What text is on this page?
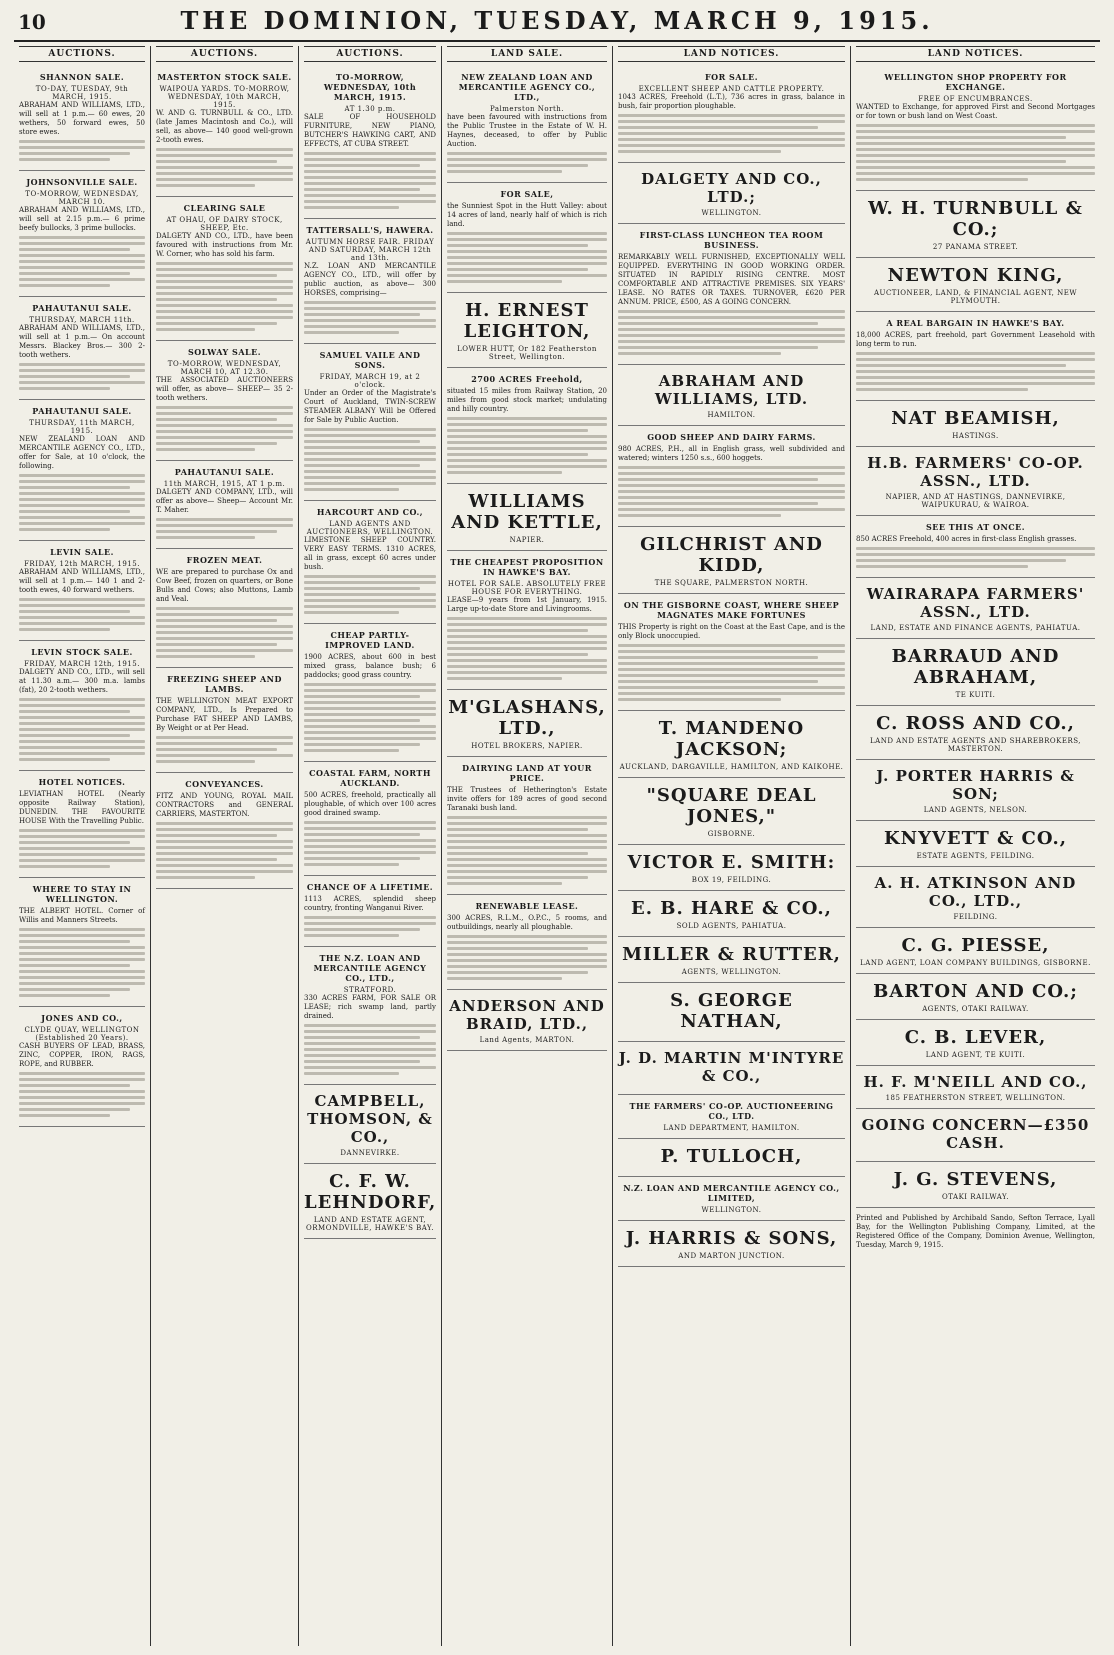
10	THE DOMINION, TUESDAY, MARCH 9, 1915.
AUCTIONS.
SHANNON SALE.
TO-DAY, TUESDAY, 9th MARCH, 1915.
ABRAHAM AND WILLIAMS, LTD., will sell at 1 p.m.— 60 ewes, 20 wethers, 50 forward ewes, 50 store ewes.
JOHNSONVILLE SALE.
TO-MORROW, WEDNESDAY, MARCH 10.
ABRAHAM AND WILLIAMS, LTD., will sell at 2.15 p.m.— 6 prime beefy bullocks, 3 prime bullocks.
PAHAUTANUI SALE.
THURSDAY, MARCH 11th.
ABRAHAM AND WILLIAMS, LTD., will sell at 1 p.m.— On account Messrs. Blackey Bros.— 300 2-tooth wethers.
PAHAUTANUI SALE.
THURSDAY, 11th MARCH, 1915.
NEW ZEALAND LOAN AND MERCANTILE AGENCY CO., LTD., offer for Sale, at 10 o'clock, the following.
LEVIN SALE.
FRIDAY, 12th MARCH, 1915.
ABRAHAM AND WILLIAMS, LTD., will sell at 1 p.m.— 140 1 and 2-tooth ewes, 40 forward wethers.
LEVIN STOCK SALE.
FRIDAY, MARCH 12th, 1915.
DALGETY AND CO., LTD., will sell at 11.30 a.m.— 300 m.a. lambs (fat), 20 2-tooth wethers.
HOTEL NOTICES.
LEVIATHAN HOTEL (Nearly opposite Railway Station), DUNEDIN. THE FAVOURITE HOUSE With the Travelling Public.
WHERE TO STAY IN WELLINGTON.
THE ALBERT HOTEL. Corner of Willis and Manners Streets.
JONES AND CO.,
CLYDE QUAY, WELLINGTON (Established 20 Years).
CASH BUYERS OF LEAD, BRASS, ZINC, COPPER, IRON, RAGS, ROPE, and RUBBER.
AUCTIONS.
MASTERTON STOCK SALE.
WAIPOUA YARDS. TO-MORROW, WEDNESDAY, 10th MARCH, 1915.
W. AND G. TURNBULL & CO., LTD. (late James Macintosh and Co.), will sell, as above— 140 good well-grown 2-tooth ewes.
CLEARING SALE
AT OHAU, OF DAIRY STOCK, SHEEP, Etc.
DALGETY AND CO., LTD., have been favoured with instructions from Mr. W. Corner, who has sold his farm.
SOLWAY SALE.
TO-MORROW, WEDNESDAY, MARCH 10, AT 12.30.
THE ASSOCIATED AUCTIONEERS will offer, as above— SHEEP— 35 2-tooth wethers.
PAHAUTANUI SALE.
11th MARCH, 1915, AT 1 p.m.
DALGETY AND COMPANY, LTD., will offer as above— Sheep— Account Mr. T. Maher.
FROZEN MEAT.
WE are prepared to purchase Ox and Cow Beef, frozen on quarters, or Bone Bulls and Cows; also Muttons, Lamb and Veal.
FREEZING SHEEP AND LAMBS.
THE WELLINGTON MEAT EXPORT COMPANY, LTD., Is Prepared to Purchase FAT SHEEP AND LAMBS, By Weight or at Per Head.
CONVEYANCES.
FITZ AND YOUNG, ROYAL MAIL CONTRACTORS and GENERAL CARRIERS, MASTERTON.
AUCTIONS.
TO-MORROW, WEDNESDAY, 10th MARCH, 1915.
AT 1.30 p.m.
SALE OF HOUSEHOLD FURNITURE, NEW PIANO, BUTCHER'S HAWKING CART, AND EFFECTS, AT CUBA STREET.
TATTERSALL'S, HAWERA.
AUTUMN HORSE FAIR. FRIDAY AND SATURDAY, MARCH 12th and 13th.
N.Z. LOAN AND MERCANTILE AGENCY CO., LTD., will offer by public auction, as above— 300 HORSES, comprising—
SAMUEL VAILE AND SONS.
FRIDAY, MARCH 19, at 2 o'clock.
Under an Order of the Magistrate's Court of Auckland, TWIN-SCREW STEAMER ALBANY Will be Offered for Sale by Public Auction.
HARCOURT AND CO.,
LAND AGENTS AND AUCTIONEERS, WELLINGTON.
LIMESTONE SHEEP COUNTRY. VERY EASY TERMS. 1310 ACRES, all in grass, except 60 acres under bush.
CHEAP PARTLY-IMPROVED LAND.
1900 ACRES, about 600 in best mixed grass, balance bush; 6 paddocks; good grass country.
COASTAL FARM, NORTH AUCKLAND.
500 ACRES, freehold, practically all ploughable, of which over 100 acres good drained swamp.
CHANCE OF A LIFETIME.
1113 ACRES, splendid sheep country, fronting Wanganui River.
THE N.Z. LOAN AND MERCANTILE AGENCY CO., LTD.,
STRATFORD.
330 ACRES FARM, FOR SALE OR LEASE; rich swamp land, partly drained.
CAMPBELL, THOMSON, & CO.,
DANNEVIRKE.
C. F. W. LEHNDORF,
LAND AND ESTATE AGENT, ORMONDVILLE, HAWKE'S BAY.
LAND SALE.
NEW ZEALAND LOAN AND MERCANTILE AGENCY CO., LTD.,
Palmerston North.
have been favoured with instructions from the Public Trustee in the Estate of W. H. Haynes, deceased, to offer by Public Auction.
FOR SALE,
the Sunniest Spot in the Hutt Valley: about 14 acres of land, nearly half of which is rich land.
H. ERNEST LEIGHTON,
LOWER HUTT, Or 182 Featherston Street, Wellington.
2700 ACRES Freehold,
situated 15 miles from Railway Station, 20 miles from good stock market; undulating and hilly country.
WILLIAMS AND KETTLE,
NAPIER.
THE CHEAPEST PROPOSITION IN HAWKE'S BAY.
HOTEL FOR SALE. ABSOLUTELY FREE HOUSE FOR EVERYTHING.
LEASE—9 years from 1st January, 1915. Large up-to-date Store and Livingrooms.
M'GLASHANS, LTD.,
HOTEL BROKERS, NAPIER.
DAIRYING LAND AT YOUR PRICE.
THE Trustees of Hetherington's Estate invite offers for 189 acres of good second Taranaki bush land.
RENEWABLE LEASE.
300 ACRES, R.L.M., O.P.C., 5 rooms, and outbuildings, nearly all ploughable.
ANDERSON AND BRAID, LTD.,
Land Agents, MARTON.
LAND NOTICES.
FOR SALE.
EXCELLENT SHEEP AND CATTLE PROPERTY.
1043 ACRES, Freehold (L.T.), 736 acres in grass, balance in bush, fair proportion ploughable.
DALGETY AND CO., LTD.;
WELLINGTON.
FIRST-CLASS LUNCHEON TEA ROOM BUSINESS.
REMARKABLY WELL FURNISHED, EXCEPTIONALLY WELL EQUIPPED. EVERYTHING IN GOOD WORKING ORDER. SITUATED IN RAPIDLY RISING CENTRE. MOST COMFORTABLE AND ATTRACTIVE PREMISES. SIX YEARS' LEASE. NO RATES OR TAXES. TURNOVER, £620 PER ANNUM. PRICE, £500, AS A GOING CONCERN.
ABRAHAM AND WILLIAMS, LTD.
HAMILTON.
GOOD SHEEP AND DAIRY FARMS.
980 ACRES, P.H., all in English grass, well subdivided and watered; winters 1250 s.s., 600 hoggets.
GILCHRIST AND KIDD,
THE SQUARE, PALMERSTON NORTH.
ON THE GISBORNE COAST, WHERE SHEEP MAGNATES MAKE FORTUNES
THIS Property is right on the Coast at the East Cape, and is the only Block unoccupied.
T. MANDENO JACKSON;
AUCKLAND, DARGAVILLE, HAMILTON, AND KAIKOHE.
"SQUARE DEAL JONES,"
GISBORNE.
VICTOR E. SMITH:
BOX 19, FEILDING.
E. B. HARE & CO.,
SOLD AGENTS, PAHIATUA.
MILLER & RUTTER,
AGENTS, WELLINGTON.
S. GEORGE NATHAN,
J. D. MARTIN M'INTYRE & CO.,
THE FARMERS' CO-OP. AUCTIONEERING CO., LTD.
LAND DEPARTMENT, HAMILTON.
P. TULLOCH,
N.Z. LOAN AND MERCANTILE AGENCY CO., LIMITED,
WELLINGTON.
J. HARRIS & SONS,
AND MARTON JUNCTION.
LAND NOTICES.
WELLINGTON SHOP PROPERTY FOR EXCHANGE.
FREE OF ENCUMBRANCES.
WANTED to Exchange, for approved First and Second Mortgages or for town or bush land on West Coast.
W. H. TURNBULL & CO.;
27 PANAMA STREET.
NEWTON KING,
AUCTIONEER, LAND, & FINANCIAL AGENT, NEW PLYMOUTH.
A REAL BARGAIN IN HAWKE'S BAY.
18,000 ACRES, part freehold, part Government Leasehold with long term to run.
NAT BEAMISH,
HASTINGS.
H.B. FARMERS' CO-OP. ASSN., LTD.
NAPIER, AND AT HASTINGS, DANNEVIRKE, WAIPUKURAU, & WAIROA.
SEE THIS AT ONCE.
850 ACRES Freehold, 400 acres in first-class English grasses.
WAIRARAPA FARMERS' ASSN., LTD.
LAND, ESTATE AND FINANCE AGENTS, PAHIATUA.
BARRAUD AND ABRAHAM,
TE KUITI.
C. ROSS AND CO.,
LAND AND ESTATE AGENTS AND SHAREBROKERS, MASTERTON.
J. PORTER HARRIS & SON;
LAND AGENTS, NELSON.
KNYVETT & CO.,
ESTATE AGENTS, FEILDING.
A. H. ATKINSON AND CO., LTD.,
FEILDING.
C. G. PIESSE,
LAND AGENT, LOAN COMPANY BUILDINGS, GISBORNE.
BARTON AND CO.;
AGENTS, OTAKI RAILWAY.
C. B. LEVER,
LAND AGENT, TE KUITI.
H. F. M'NEILL AND CO.,
185 FEATHERSTON STREET, WELLINGTON.
GOING CONCERN—£350 CASH.
J. G. STEVENS,
OTAKI RAILWAY.
Printed and Published by Archibald Sando, Sefton Terrace, Lyall Bay, for the Wellington Publishing Company, Limited, at the Registered Office of the Company, Dominion Avenue, Wellington, Tuesday, March 9, 1915.
